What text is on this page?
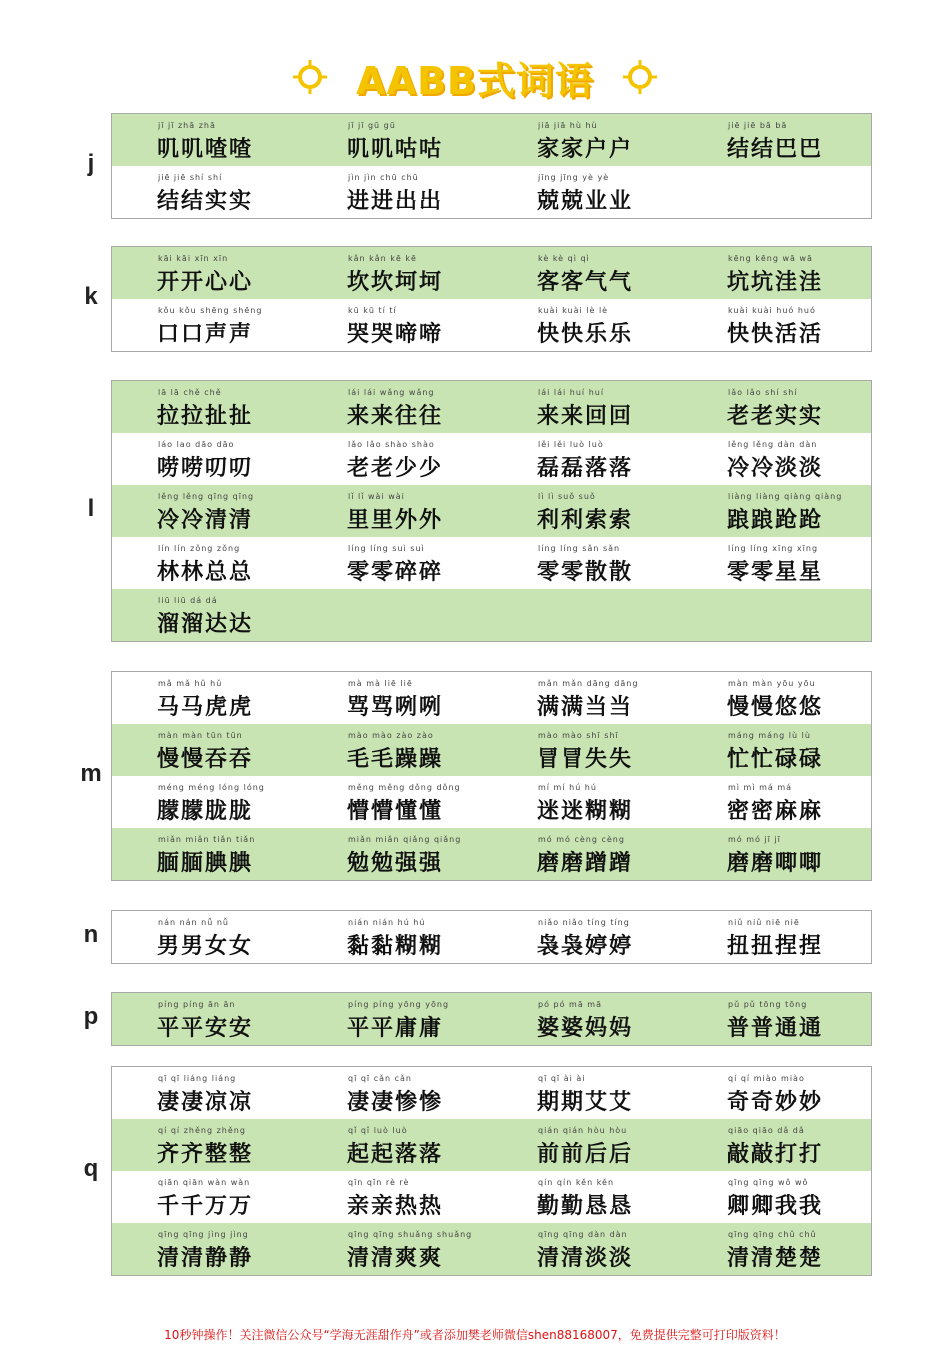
AABB式词语
jī jī zhā zhā
叽叽喳喳
jī jī gū gū
叽叽咕咕
jiā jiā hù hù
家家户户
jiē jiē bā bā
结结巴巴
jiē jiē shí shí
结结实实
jìn jìn chū chū
进进出出
jīng jīng yè yè
兢兢业业
j
kāi kāi xīn xīn
开开心心
kǎn kǎn kē kē
坎坎坷坷
kè kè qì qì
客客气气
kēng kēng wā wā
坑坑洼洼
kǒu kǒu shēng shēng
口口声声
kū kū tí tí
哭哭啼啼
kuài kuài lè lè
快快乐乐
kuài kuài huó huó
快快活活
k
lā lā chě chě
拉拉扯扯
lái lái wǎng wǎng
来来往往
lái lái huí huí
来来回回
lǎo lǎo shí shí
老老实实
láo lao dāo dāo
唠唠叨叨
lǎo lǎo shào shào
老老少少
lěi lěi luò luò
磊磊落落
lěng lěng dàn dàn
冷冷淡淡
lěng lěng qīng qīng
冷冷清清
lǐ lǐ wài wài
里里外外
lì lì suǒ suǒ
利利索索
liàng liàng qiàng qiàng
踉踉跄跄
lín lín zǒng zǒng
林林总总
líng líng suì suì
零零碎碎
líng líng sǎn sǎn
零零散散
líng líng xīng xīng
零零星星
liū liū dá dá
溜溜达达
l
mǎ mǎ hǔ hǔ
马马虎虎
mà mà liē liē
骂骂咧咧
mǎn mǎn dāng dāng
满满当当
màn màn yōu yōu
慢慢悠悠
màn màn tūn tūn
慢慢吞吞
mào mào zào zào
毛毛躁躁
mào mào shī shī
冒冒失失
máng máng lù lù
忙忙碌碌
méng méng lóng lóng
朦朦胧胧
měng měng dǒng dǒng
懵懵懂懂
mí mí hú hú
迷迷糊糊
mì mì má má
密密麻麻
miǎn miǎn tiǎn tiǎn
腼腼腆腆
miǎn miǎn qiǎng qiǎng
勉勉强强
mó mó cèng cèng
磨磨蹭蹭
mó mó jī jī
磨磨唧唧
m
nán nán nǚ nǚ
男男女女
nián nián hú hú
黏黏糊糊
niǎo niǎo tíng tíng
袅袅婷婷
niǔ niǔ niē niē
扭扭捏捏
n
píng píng ān ān
平平安安
píng píng yōng yōng
平平庸庸
pó pó mā mā
婆婆妈妈
pǔ pǔ tōng tōng
普普通通
p
qī qī liáng liáng
凄凄凉凉
qī qī cǎn cǎn
凄凄惨惨
qī qī ài ài
期期艾艾
qí qí miào miào
奇奇妙妙
qí qí zhěng zhěng
齐齐整整
qǐ qǐ luò luò
起起落落
qián qián hòu hòu
前前后后
qiāo qiāo dǎ dǎ
敲敲打打
qiān qiān wàn wàn
千千万万
qīn qīn rè rè
亲亲热热
qín qín kěn kěn
勤勤恳恳
qīng qīng wǒ wǒ
卿卿我我
qīng qīng jìng jìng
清清静静
qīng qīng shuǎng shuǎng
清清爽爽
qīng qīng dàn dàn
清清淡淡
qīng qīng chǔ chǔ
清清楚楚
q
10秒钟操作！关注微信公众号“学海无涯甜作舟”或者添加樊老师微信shen88168007，免费提供完整可打印版资料！
